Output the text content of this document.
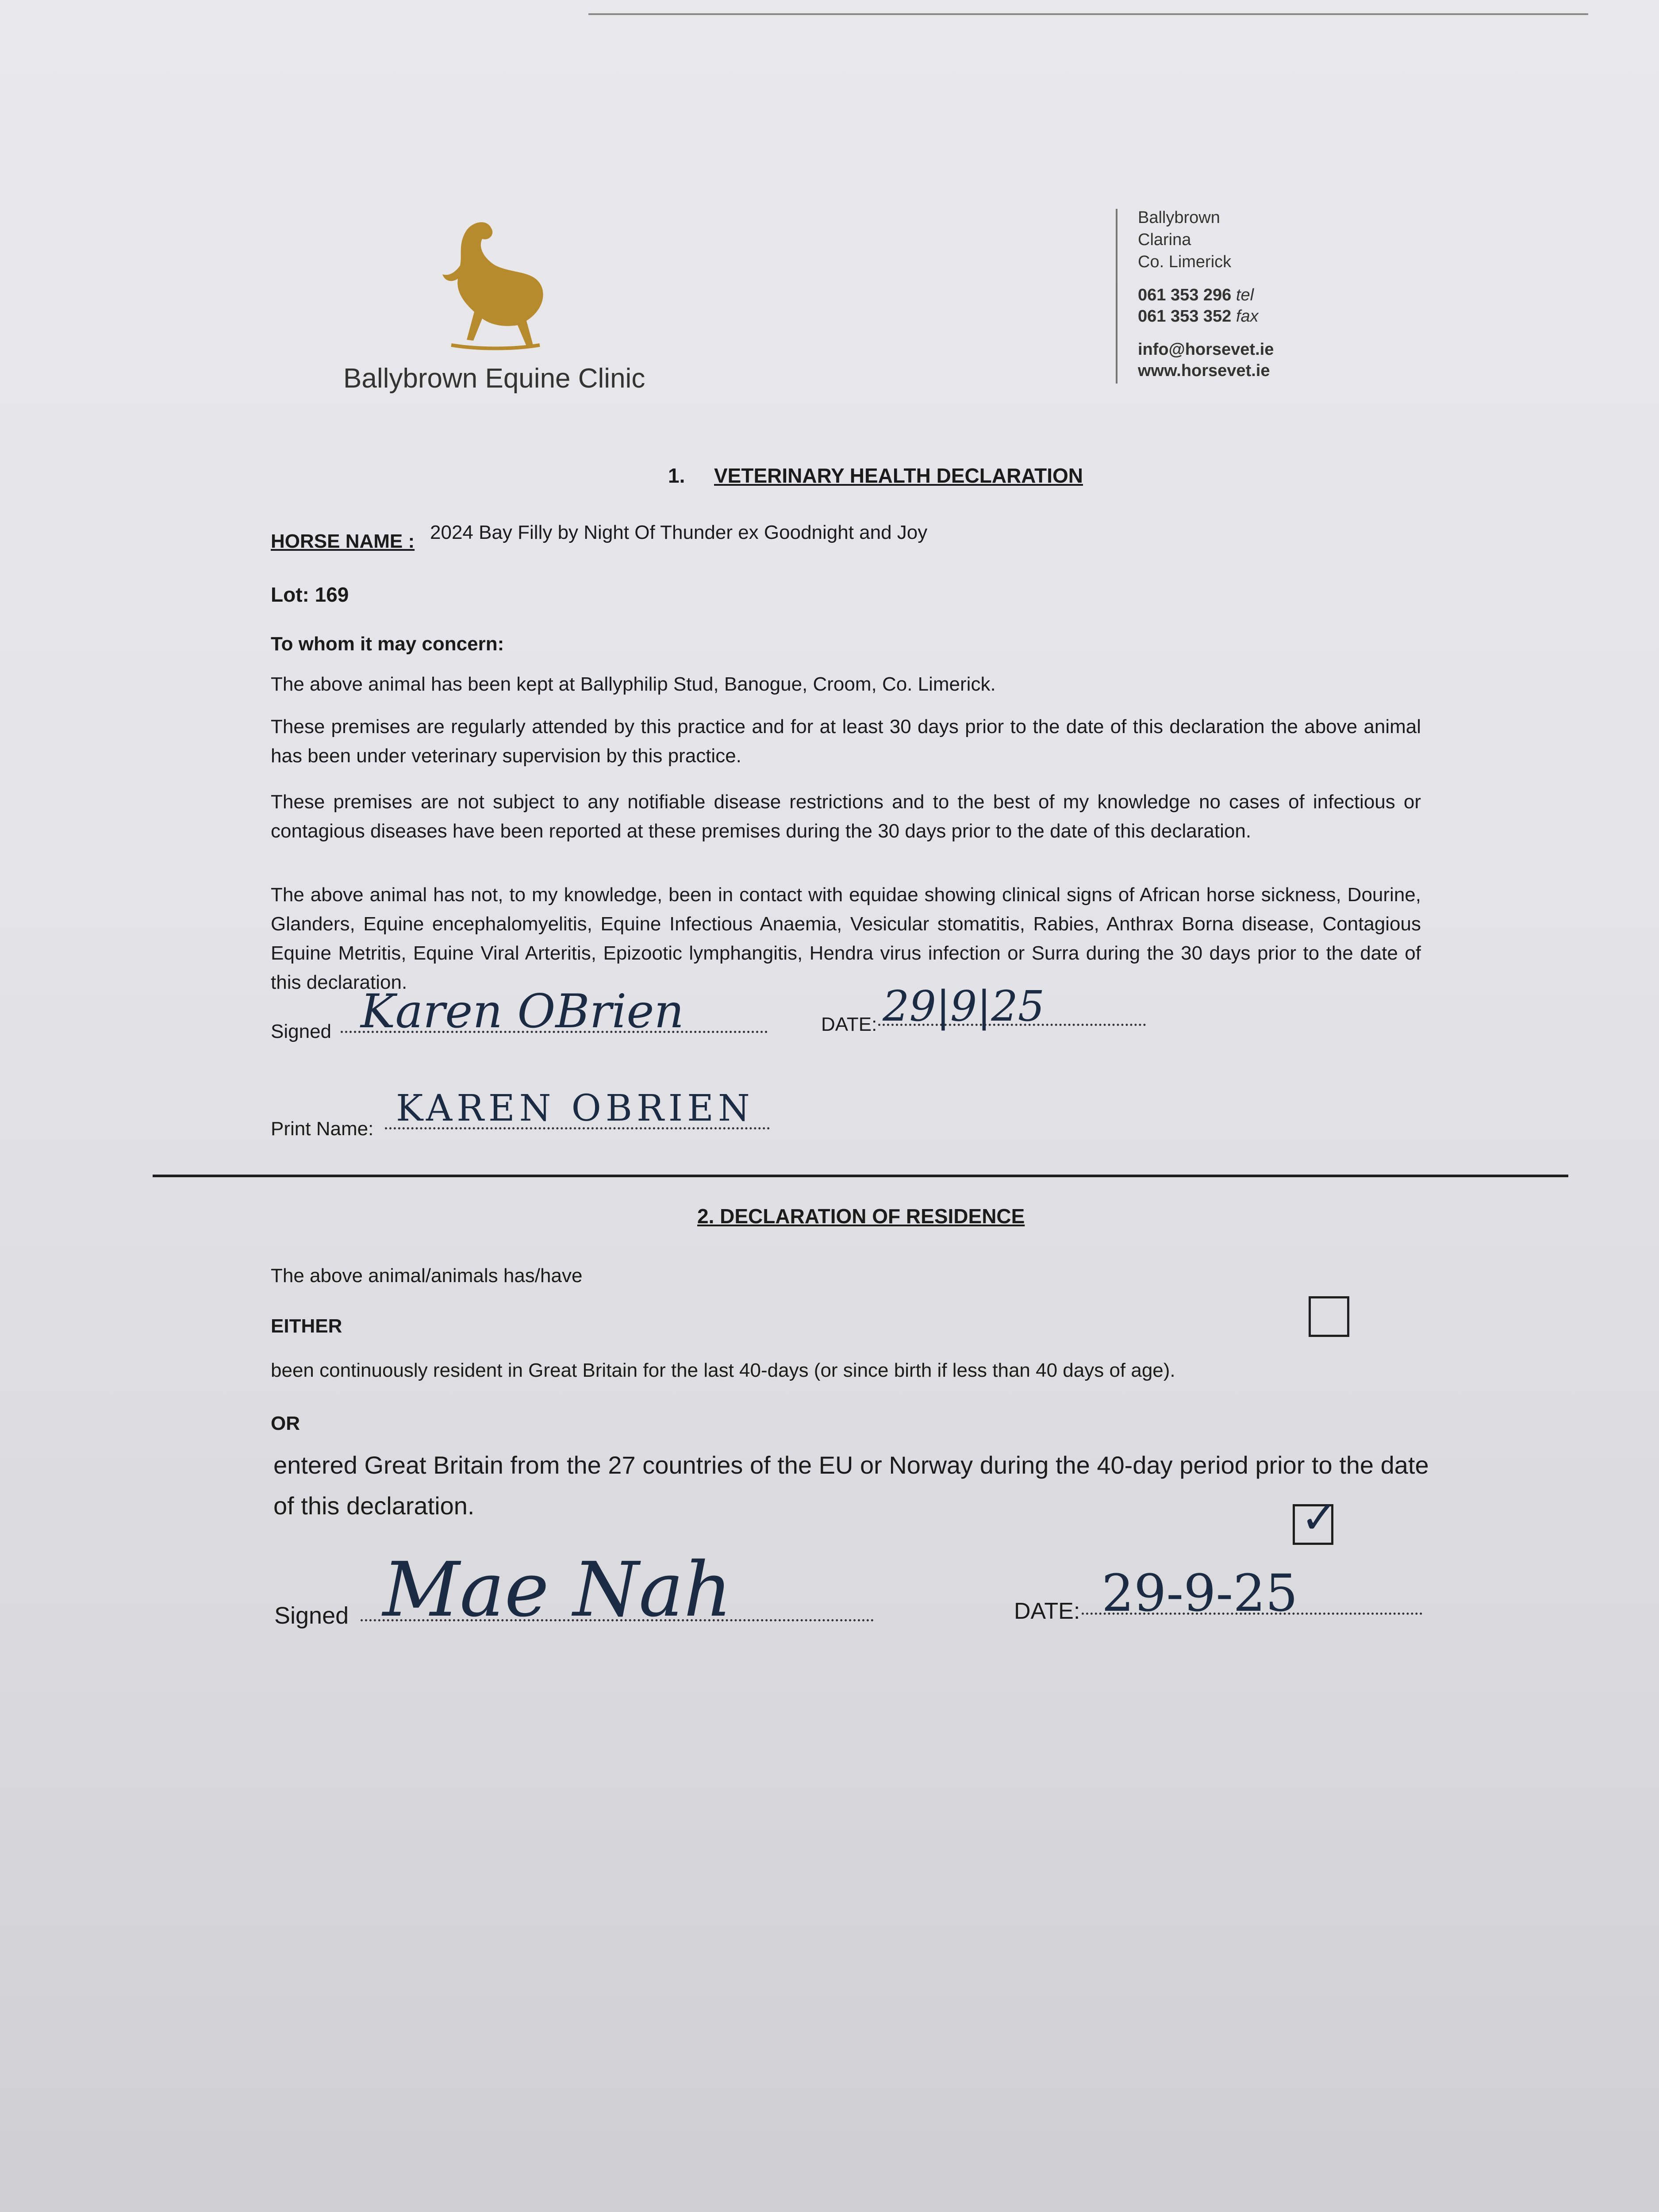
Ballybrown Equine Clinic
Ballybrown
Clarina
Co. Limerick
061 353 296 tel
061 353 352 fax
info@horsevet.ie
www.horsevet.ie
1. VETERINARY HEALTH DECLARATION
HORSE NAME : 2024 Bay Filly by Night Of Thunder ex Goodnight and Joy
Lot: 169
To whom it may concern:
The above animal has been kept at Ballyphilip Stud, Banogue, Croom, Co. Limerick.
These premises are regularly attended by this practice and for at least 30 days prior to the date of this declaration the above animal has been under veterinary supervision by this practice.
These premises are not subject to any notifiable disease restrictions and to the best of my knowledge no cases of infectious or contagious diseases have been reported at these premises during the 30 days prior to the date of this declaration.
The above animal has not, to my knowledge, been in contact with equidae showing clinical signs of African horse sickness, Dourine, Glanders, Equine encephalomyelitis, Equine Infectious Anaemia, Vesicular stomatitis, Rabies, Anthrax Borna disease, Contagious Equine Metritis, Equine Viral Arteritis, Epizootic lymphangitis, Hendra virus infection or Surra during the 30 days prior to the date of this declaration.
Signed Karen OBrien	DATE: 29|9|25
Print Name: KAREN OBRIEN
2. DECLARATION OF RESIDENCE
The above animal/animals has/have
EITHER
been continuously resident in Great Britain for the last 40-days (or since birth if less than 40 days of age).
OR
entered Great Britain from the 27 countries of the EU or Norway during the 40-day period prior to the date of this declaration.	✓
Signed Mae Nah	DATE: 29-9-25
